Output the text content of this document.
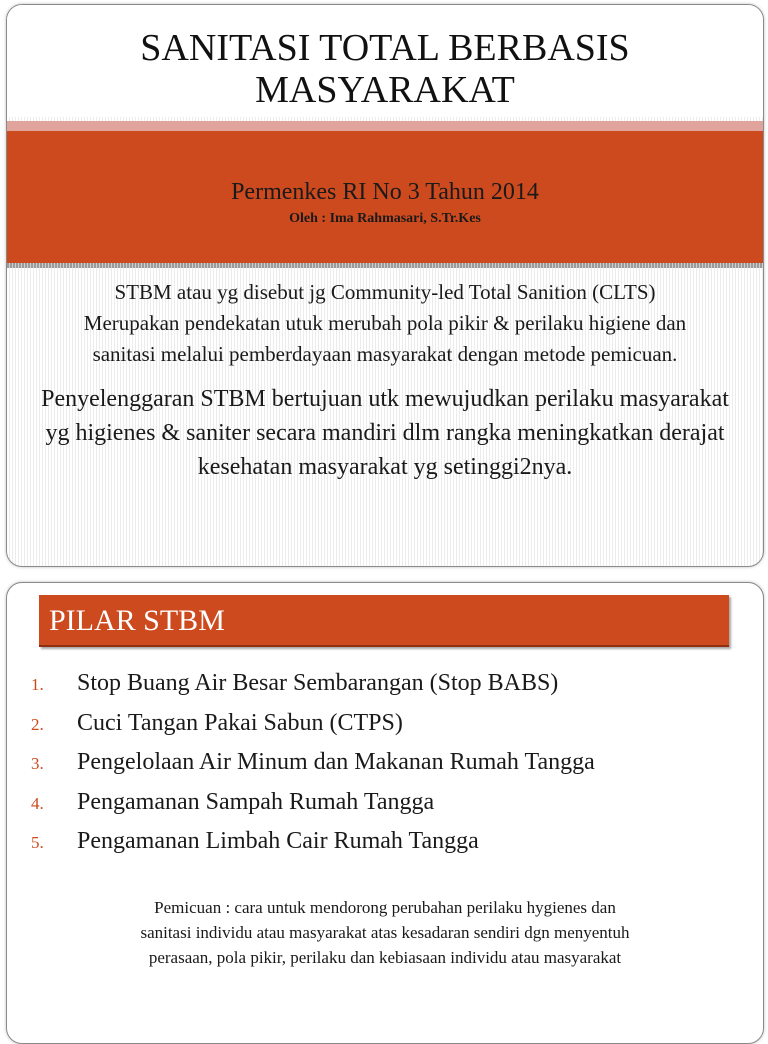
SANITASI TOTAL BERBASIS
MASYARAKAT
Permenkes RI No 3 Tahun 2014
Oleh : Ima Rahmasari, S.Tr.Kes

STBM atau yg disebut jg Community-led Total Sanition (CLTS) Merupakan pendekatan utuk merubah pola pikir & perilaku higiene dan sanitasi melalui pemberdayaan masyarakat dengan metode pemicuan.

Penyelenggaran STBM bertujuan utk mewujudkan perilaku masyarakat yg higienes & saniter secara mandiri dlm rangka meningkatkan derajat kesehatan masyarakat yg setinggi2nya.

PILAR STBM
1. Stop Buang Air Besar Sembarangan (Stop BABS)
2. Cuci Tangan Pakai Sabun (CTPS)
3. Pengelolaan Air Minum dan Makanan Rumah Tangga
4. Pengamanan Sampah Rumah Tangga
5. Pengamanan Limbah Cair Rumah Tangga
Pemicuan : cara untuk mendorong perubahan perilaku hygienes dan
sanitasi individu atau masyarakat atas kesadaran sendiri dgn menyentuh
perasaan, pola pikir, perilaku dan kebiasaan individu atau masyarakat
